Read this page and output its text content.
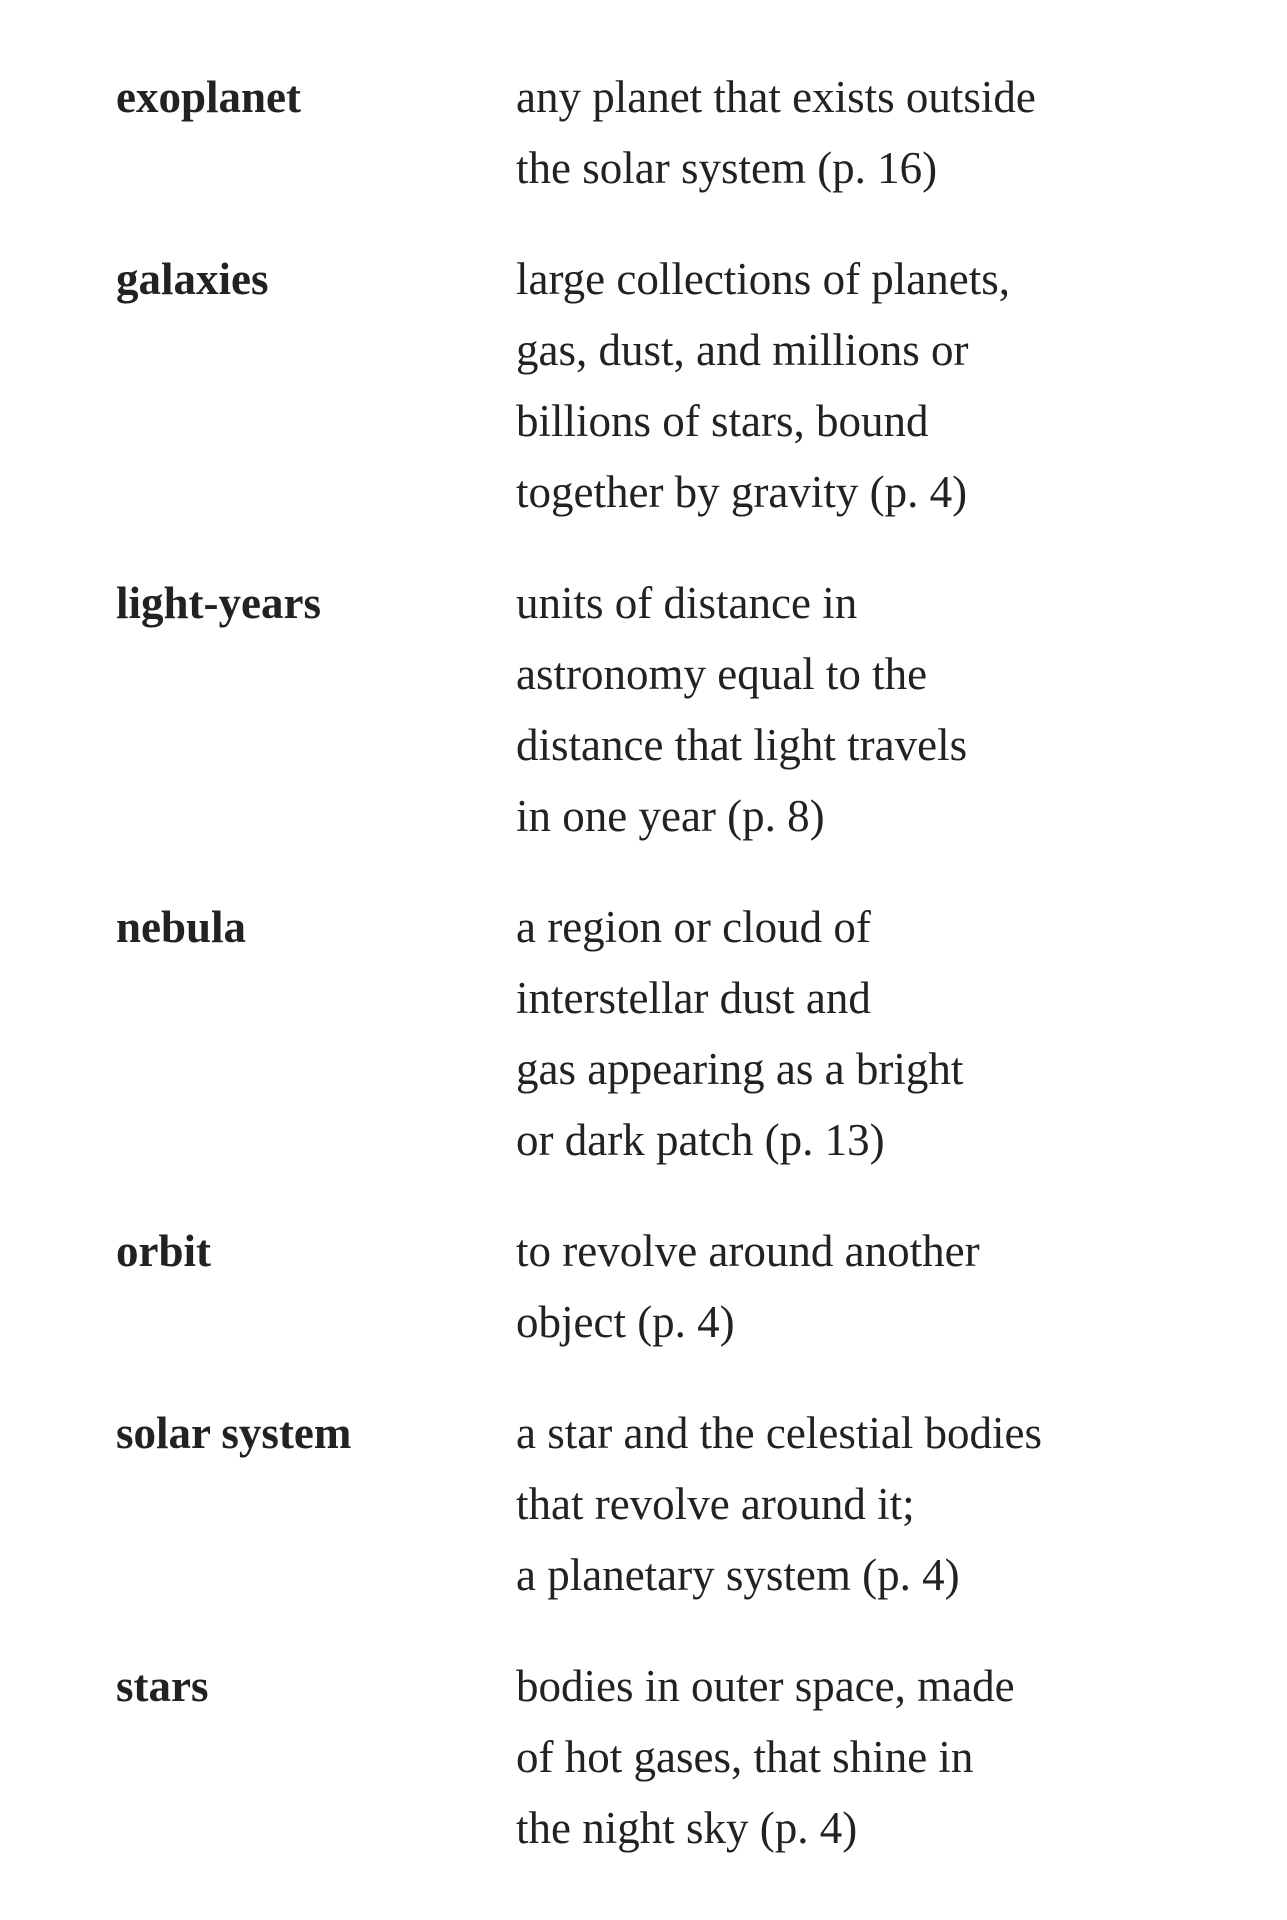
exoplanet	any planet that exists outside
the solar system (p. 16)
galaxies	large collections of planets,
gas, dust, and millions or
billions of stars, bound
together by gravity (p. 4)
light-years	units of distance in
astronomy equal to the
distance that light travels
in one year (p. 8)
nebula	a region or cloud of
interstellar dust and
gas appearing as a bright
or dark patch (p. 13)
orbit	to revolve around another
object (p. 4)
solar system	a star and the celestial bodies
that revolve around it;
a planetary system (p. 4)
stars	bodies in outer space, made
of hot gases, that shine in
the night sky (p. 4)
